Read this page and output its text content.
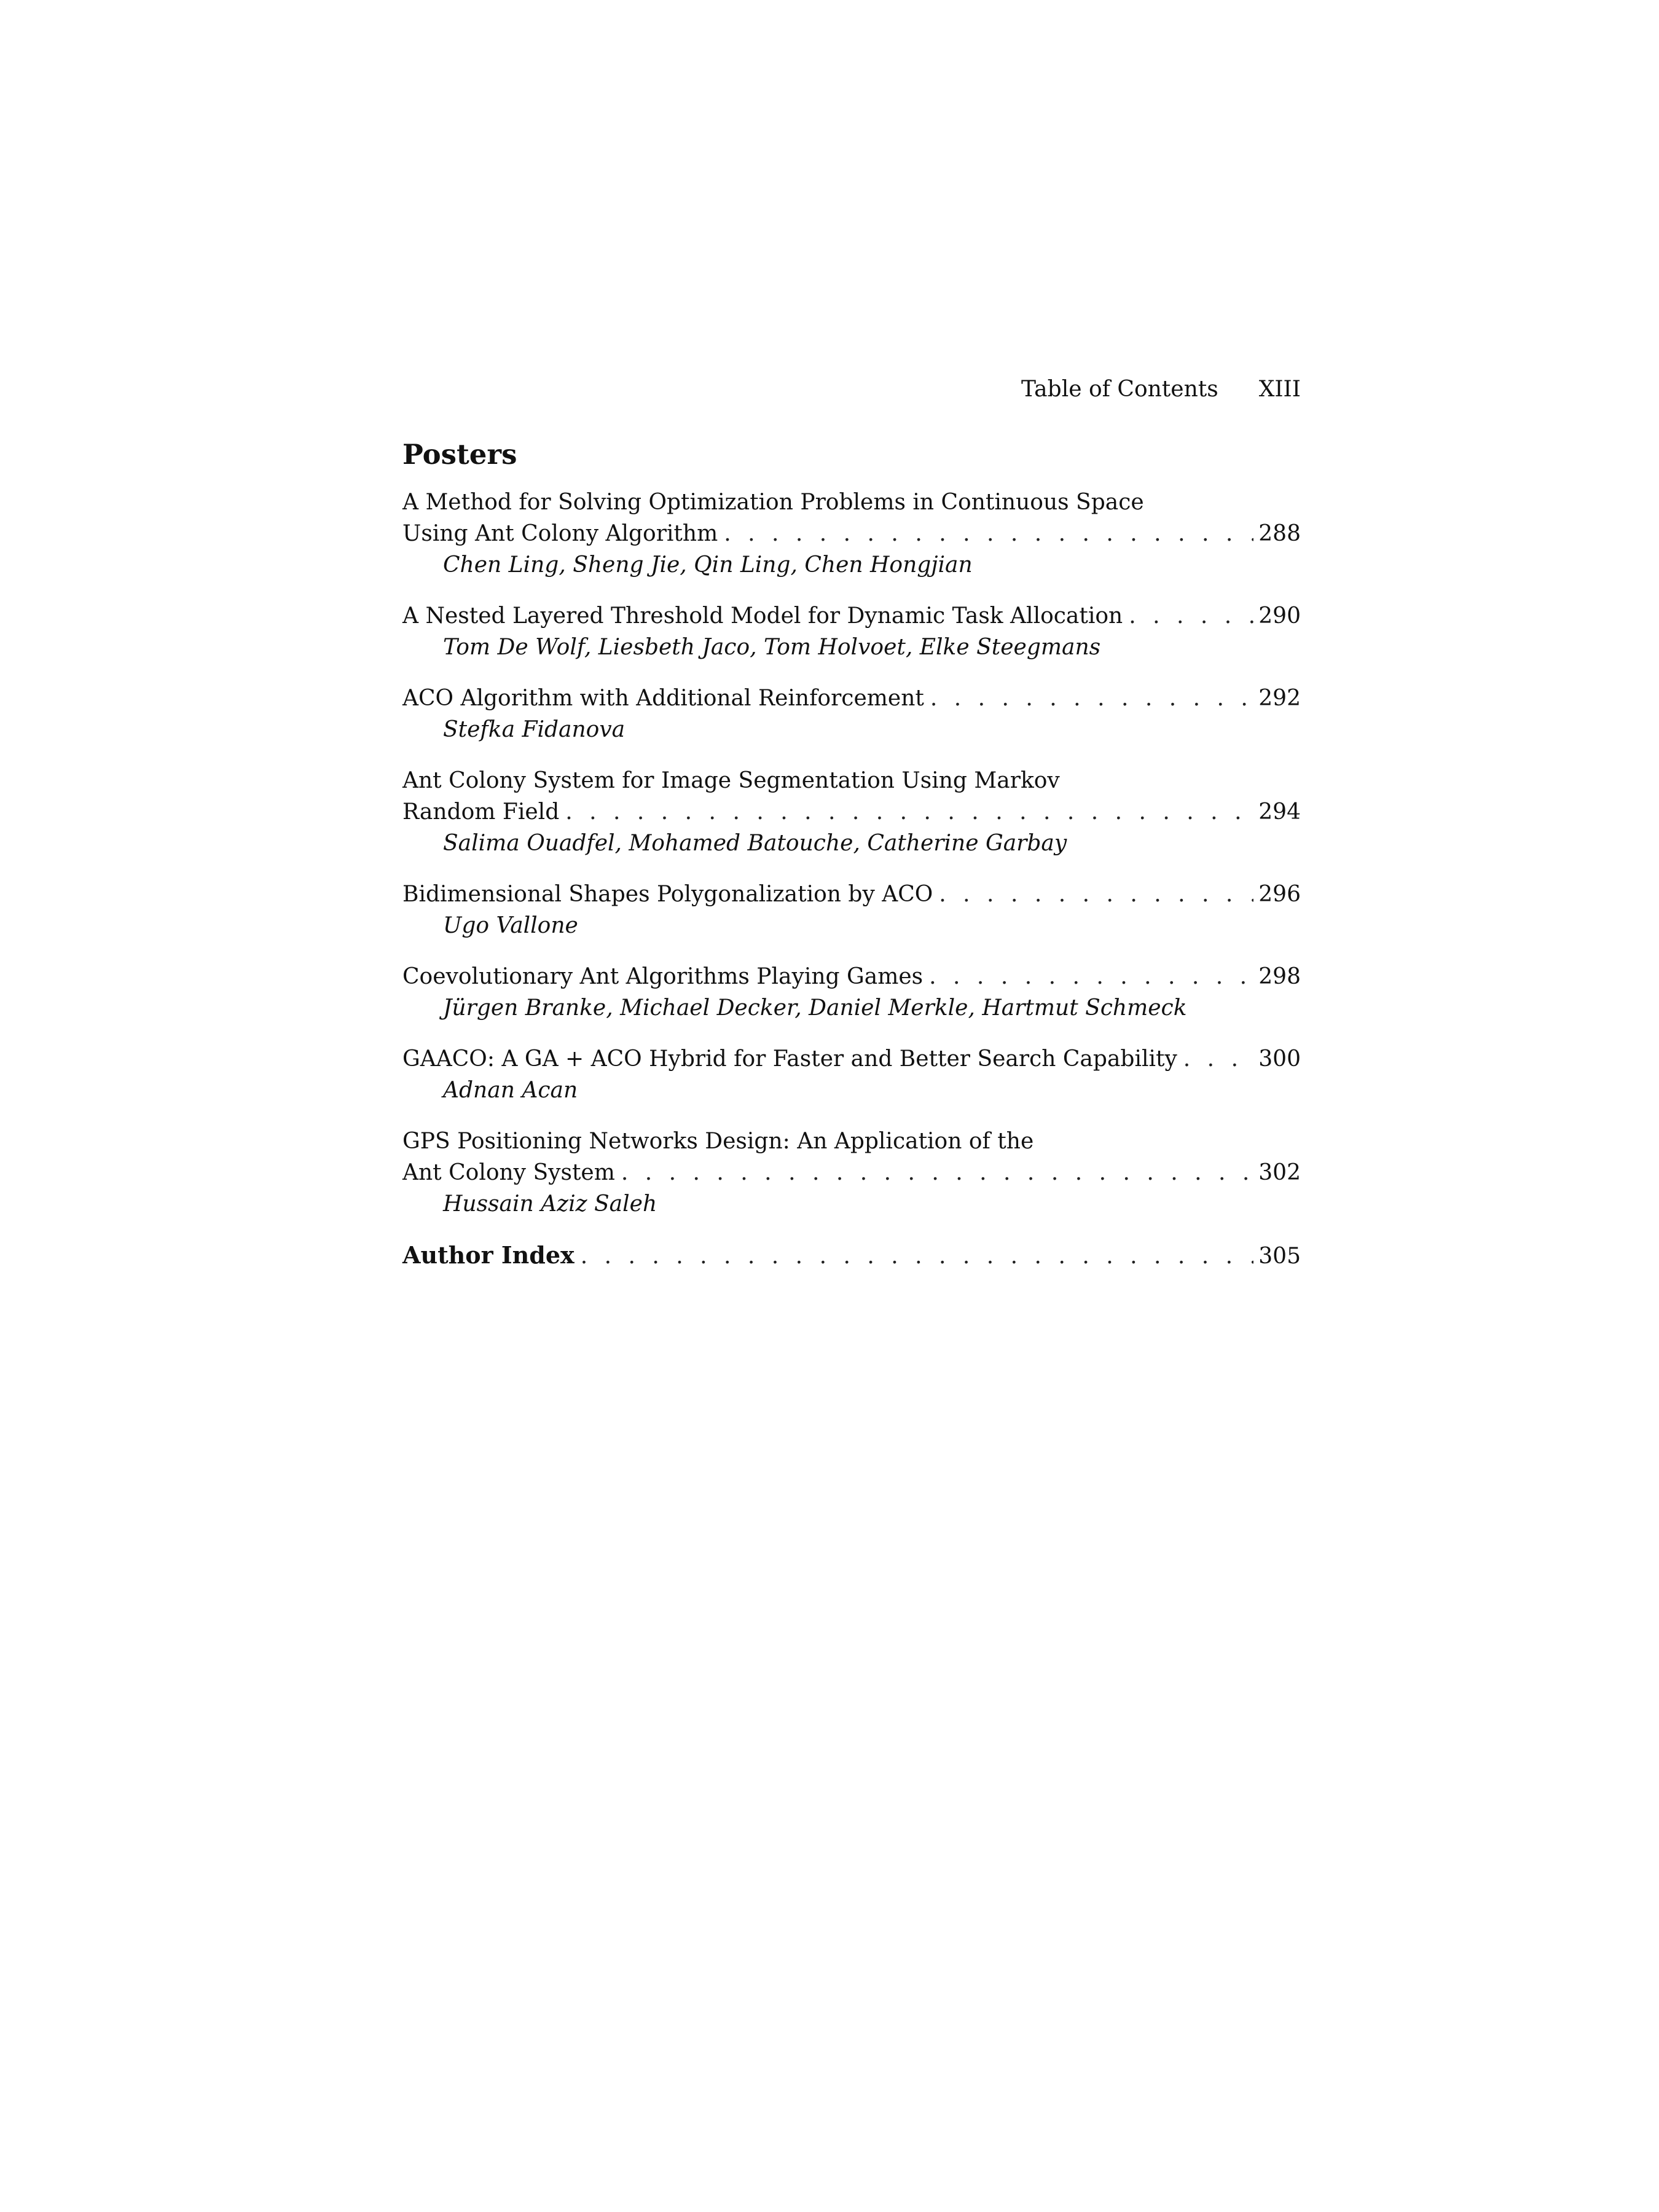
Table of Contents XIII
Posters
A Method for Solving Optimization Problems in Continuous Space
Using Ant Colony Algorithm . . .	288
Chen Ling, Sheng Jie, Qin Ling, Chen Hongjian
A Nested Layered Threshold Model for Dynamic Task Allocation . . .	290
Tom De Wolf, Liesbeth Jaco, Tom Holvoet, Elke Steegmans
ACO Algorithm with Additional Reinforcement . . .	292
Stefka Fidanova
Ant Colony System for Image Segmentation Using Markov
Random Field . . .	294
Salima Ouadfel, Mohamed Batouche, Catherine Garbay
Bidimensional Shapes Polygonalization by ACO . . .	296
Ugo Vallone
Coevolutionary Ant Algorithms Playing Games . . .	298
Jürgen Branke, Michael Decker, Daniel Merkle, Hartmut Schmeck
GAACO: A GA + ACO Hybrid for Faster and Better Search Capability . . .	300
Adnan Acan
GPS Positioning Networks Design: An Application of the
Ant Colony System . . .	302
Hussain Aziz Saleh
Author Index . . .	305
